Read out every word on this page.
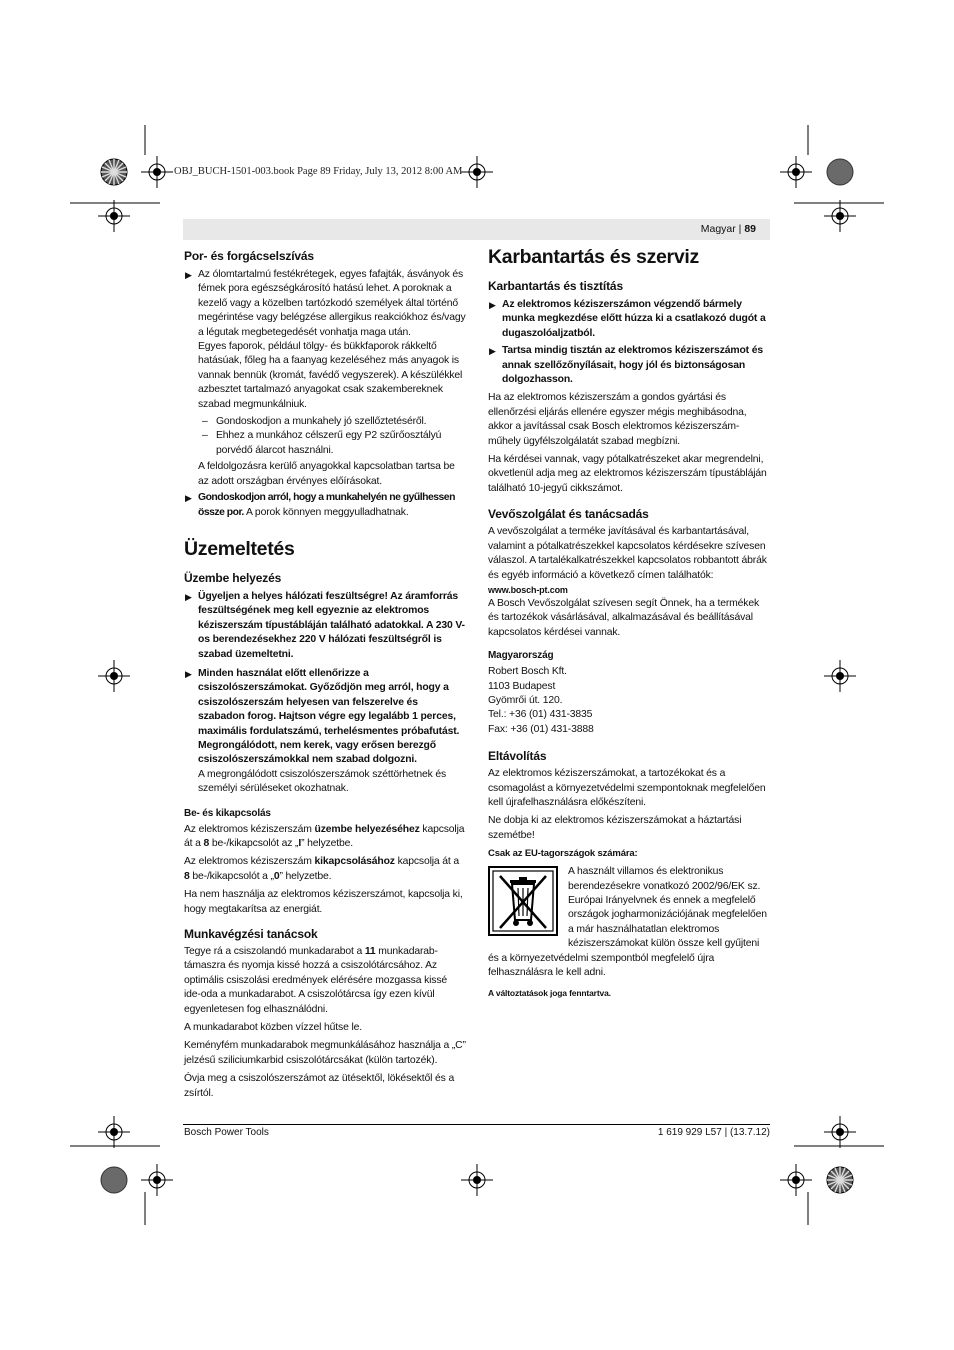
OBJ_BUCH-1501-003.book Page 89 Friday, July 13, 2012 8:00 AM
Magyar | 89

Por- és forgácselszívás

▶ Az ólomtartalmú festékrétegek, egyes fafajták, ásványok és fémek pora egészségkárosító hatású lehet. A poroknak a kezelő vagy a közelben tartózkodó személyek által történő megérintése vagy belégzése allergikus reakciókhoz és/vagy a légutak megbetegedését vonhatja maga után.

Egyes faporok, például tölgy- és bükkfaporok rákkeltő hatásúak, főleg ha a faanyag kezeléséhez más anyagok is vannak bennük (kromát, favédő vegyszerek). A készülékkel azbesztet tartalmazó anyagokat csak szakembereknek szabad megmunkálniuk.

– Gondoskodjon a munkahely jó szellőztetéséről.
– Ehhez a munkához célszerű egy P2 szűrőosztályú porvédő álarcot használni.

A feldolgozásra kerülő anyagokkal kapcsolatban tartsa be az adott országban érvényes előírásokat.

▶ Gondoskodjon arról, hogy a munkahelyén ne gyűlhessen össze por. A porok könnyen meggyulladhatnak.

Üzemeltetés

Üzembe helyezés

▶ Ügyeljen a helyes hálózati feszültségre! Az áramforrás feszültségének meg kell egyeznie az elektromos kéziszerszám típustábláján található adatokkal. A 230 V-os berendezésekhez 220 V hálózati feszültségről is szabad üzemeltetni.
▶ Minden használat előtt ellenőrizze a csiszolószerszámokat. Győződjön meg arról, hogy a csiszolószerszám helyesen van felszerelve és szabadon forog. Hajtson végre egy legalább 1 perces, maximális fordulatszámú, terhelésmentes próbafutást. Megrongálódott, nem kerek, vagy erősen berezgő csiszolószerszámokkal nem szabad dolgozni.
A megrongálódott csiszolószerszámok széttörhetnek és személyi sérüléseket okozhatnak.

Be- és kikapcsolás

Az elektromos kéziszerszám üzembe helyezéséhez kapcsolja át a 8 be-/kikapcsolót az „I” helyzetbe.

Az elektromos kéziszerszám kikapcsolásához kapcsolja át a 8 be-/kikapcsolót a „0” helyzetbe.

Ha nem használja az elektromos kéziszerszámot, kapcsolja ki, hogy megtakarítsa az energiát.

Munkavégzési tanácsok

Tegye rá a csiszolandó munkadarabot a 11 munkadarab-támaszra és nyomja kissé hozzá a csiszolótárcsához. Az optimális csiszolási eredmények elérésére mozgassa kissé ide-oda a munkadarabot. A csiszolótárcsa így ezen kívül egyenletesen fog elhasználódni.

A munkadarabot közben vízzel hűtse le.

Keményfém munkadarabok megmunkálásához használja a „C” jelzésű sziliciumkarbid csiszolótárcsákat (külön tartozék).

Óvja meg a csiszolószerszámot az ütésektől, lökésektől és a zsírtól.

Karbantartás és szerviz

Karbantartás és tisztítás

▶ Az elektromos kéziszerszámon végzendő bármely munka megkezdése előtt húzza ki a csatlakozó dugót a dugaszolóaljzatból.
▶ Tartsa mindig tisztán az elektromos kéziszerszámot és annak szellőzőnyílásait, hogy jól és biztonságosan dolgozhasson.

Ha az elektromos kéziszerszám a gondos gyártási és ellenőrzési eljárás ellenére egyszer mégis meghibásodna, akkor a javítással csak Bosch elektromos kéziszerszám-műhely ügyfélszolgálatát szabad megbízni.

Ha kérdései vannak, vagy pótalkatrészeket akar megrendelni, okvetlenül adja meg az elektromos kéziszerszám típustábláján található 10-jegyű cikkszámot.

Vevőszolgálat és tanácsadás

A vevőszolgálat a terméke javításával és karbantartásával, valamint a pótalkatrészekkel kapcsolatos kérdésekre szívesen válaszol. A tartalékalkatrészekkel kapcsolatos robbantott ábrák és egyéb információ a következő címen találhatók:

www.bosch-pt.com

A Bosch Vevőszolgálat szívesen segít Önnek, ha a termékek és tartozékok vásárlásával, alkalmazásával és beállításával kapcsolatos kérdései vannak.

Magyarország

Robert Bosch Kft.

1103 Budapest

Gyömrői út. 120.

Tel.: +36 (01) 431-3835

Fax: +36 (01) 431-3888

Eltávolítás

Az elektromos kéziszerszámokat, a tartozékokat és a csomagolást a környezetvédelmi szempontoknak megfelelően kell újrafelhasználásra előkészíteni.

Ne dobja ki az elektromos kéziszerszámokat a háztartási szemétbe!

Csak az EU-tagországok számára:

A használt villamos és elektronikus berendezésekre vonatkozó 2002/96/EK sz. Európai Irányelvnek és ennek a megfelelő országok jogharmonizációjának megfelelően a már használhatatlan elektromos kéziszerszámokat külön össze kell gyűjteni és a környezetvédelmi szempontból megfelelő újra felhasználásra le kell adni.

A változtatások joga fenntartva.

Bosch Power Tools	1 619 929 L57 | (13.7.12)
